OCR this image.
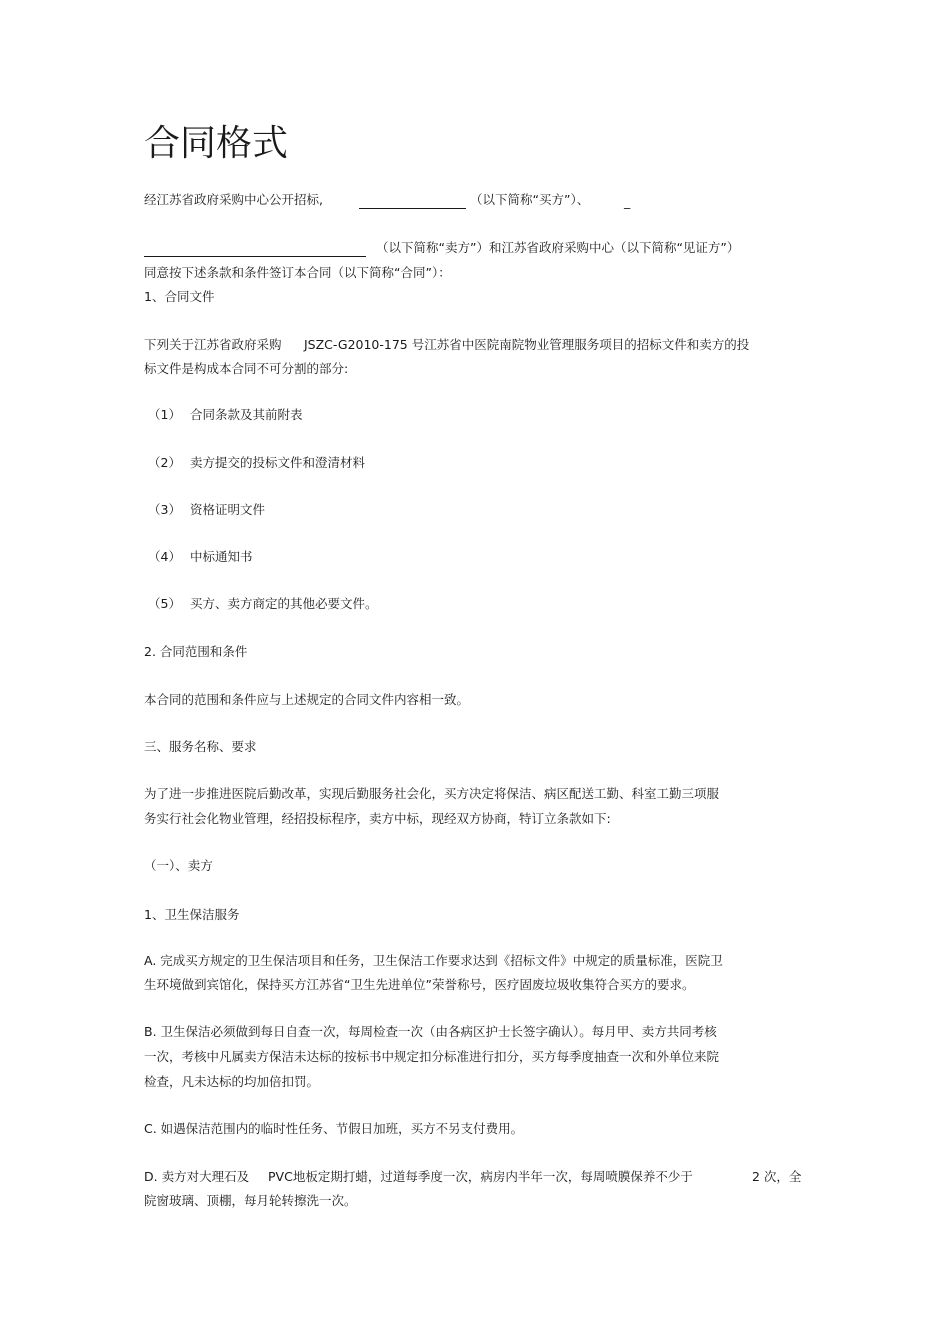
合同格式
经江苏省政府采购中心公开招标,	（以下简称“买方”）、	_
（以下简称“卖方”）和江苏省政府采购中心（以下简称“见证方”）
同意按下述条款和条件签订本合同（以下简称“合同”）：
1、合同文件
下列关于江苏省政府采购 JSZC-G2010-175 号江苏省中医院南院物业管理服务项目的招标文件和卖方的投
标文件是构成本合同不可分割的部分:
（1） 合同条款及其前附表
（2） 卖方提交的投标文件和澄清材料
（3） 资格证明文件
（4） 中标通知书
（5） 买方、卖方商定的其他必要文件。
2. 合同范围和条件
本合同的范围和条件应与上述规定的合同文件内容相一致。
三、服务名称、要求
为了进一步推进医院后勤改革，实现后勤服务社会化，买方决定将保洁、病区配送工勤、科室工勤三项服
务实行社会化物业管理，经招投标程序，卖方中标，现经双方协商，特订立条款如下:
（一）、卖方
1、卫生保洁服务
A. 完成买方规定的卫生保洁项目和任务，卫生保洁工作要求达到《招标文件》中规定的质量标准，医院卫
生环境做到宾馆化，保持买方江苏省“卫生先进单位”荣誉称号，医疗固废垃圾收集符合买方的要求。
B. 卫生保洁必须做到每日自查一次，每周检查一次（由各病区护士长签字确认）。每月甲、卖方共同考核
一次，考核中凡属卖方保洁未达标的按标书中规定扣分标准进行扣分，买方每季度抽查一次和外单位来院
检查，凡未达标的均加倍扣罚。
C. 如遇保洁范围内的临时性任务、节假日加班，买方不另支付费用。
D. 卖方对大理石及 PVC地板定期打蜡，过道每季度一次，病房内半年一次，每周喷膜保养不少于	2 次，全
院窗玻璃、顶棚，每月轮转擦洗一次。
